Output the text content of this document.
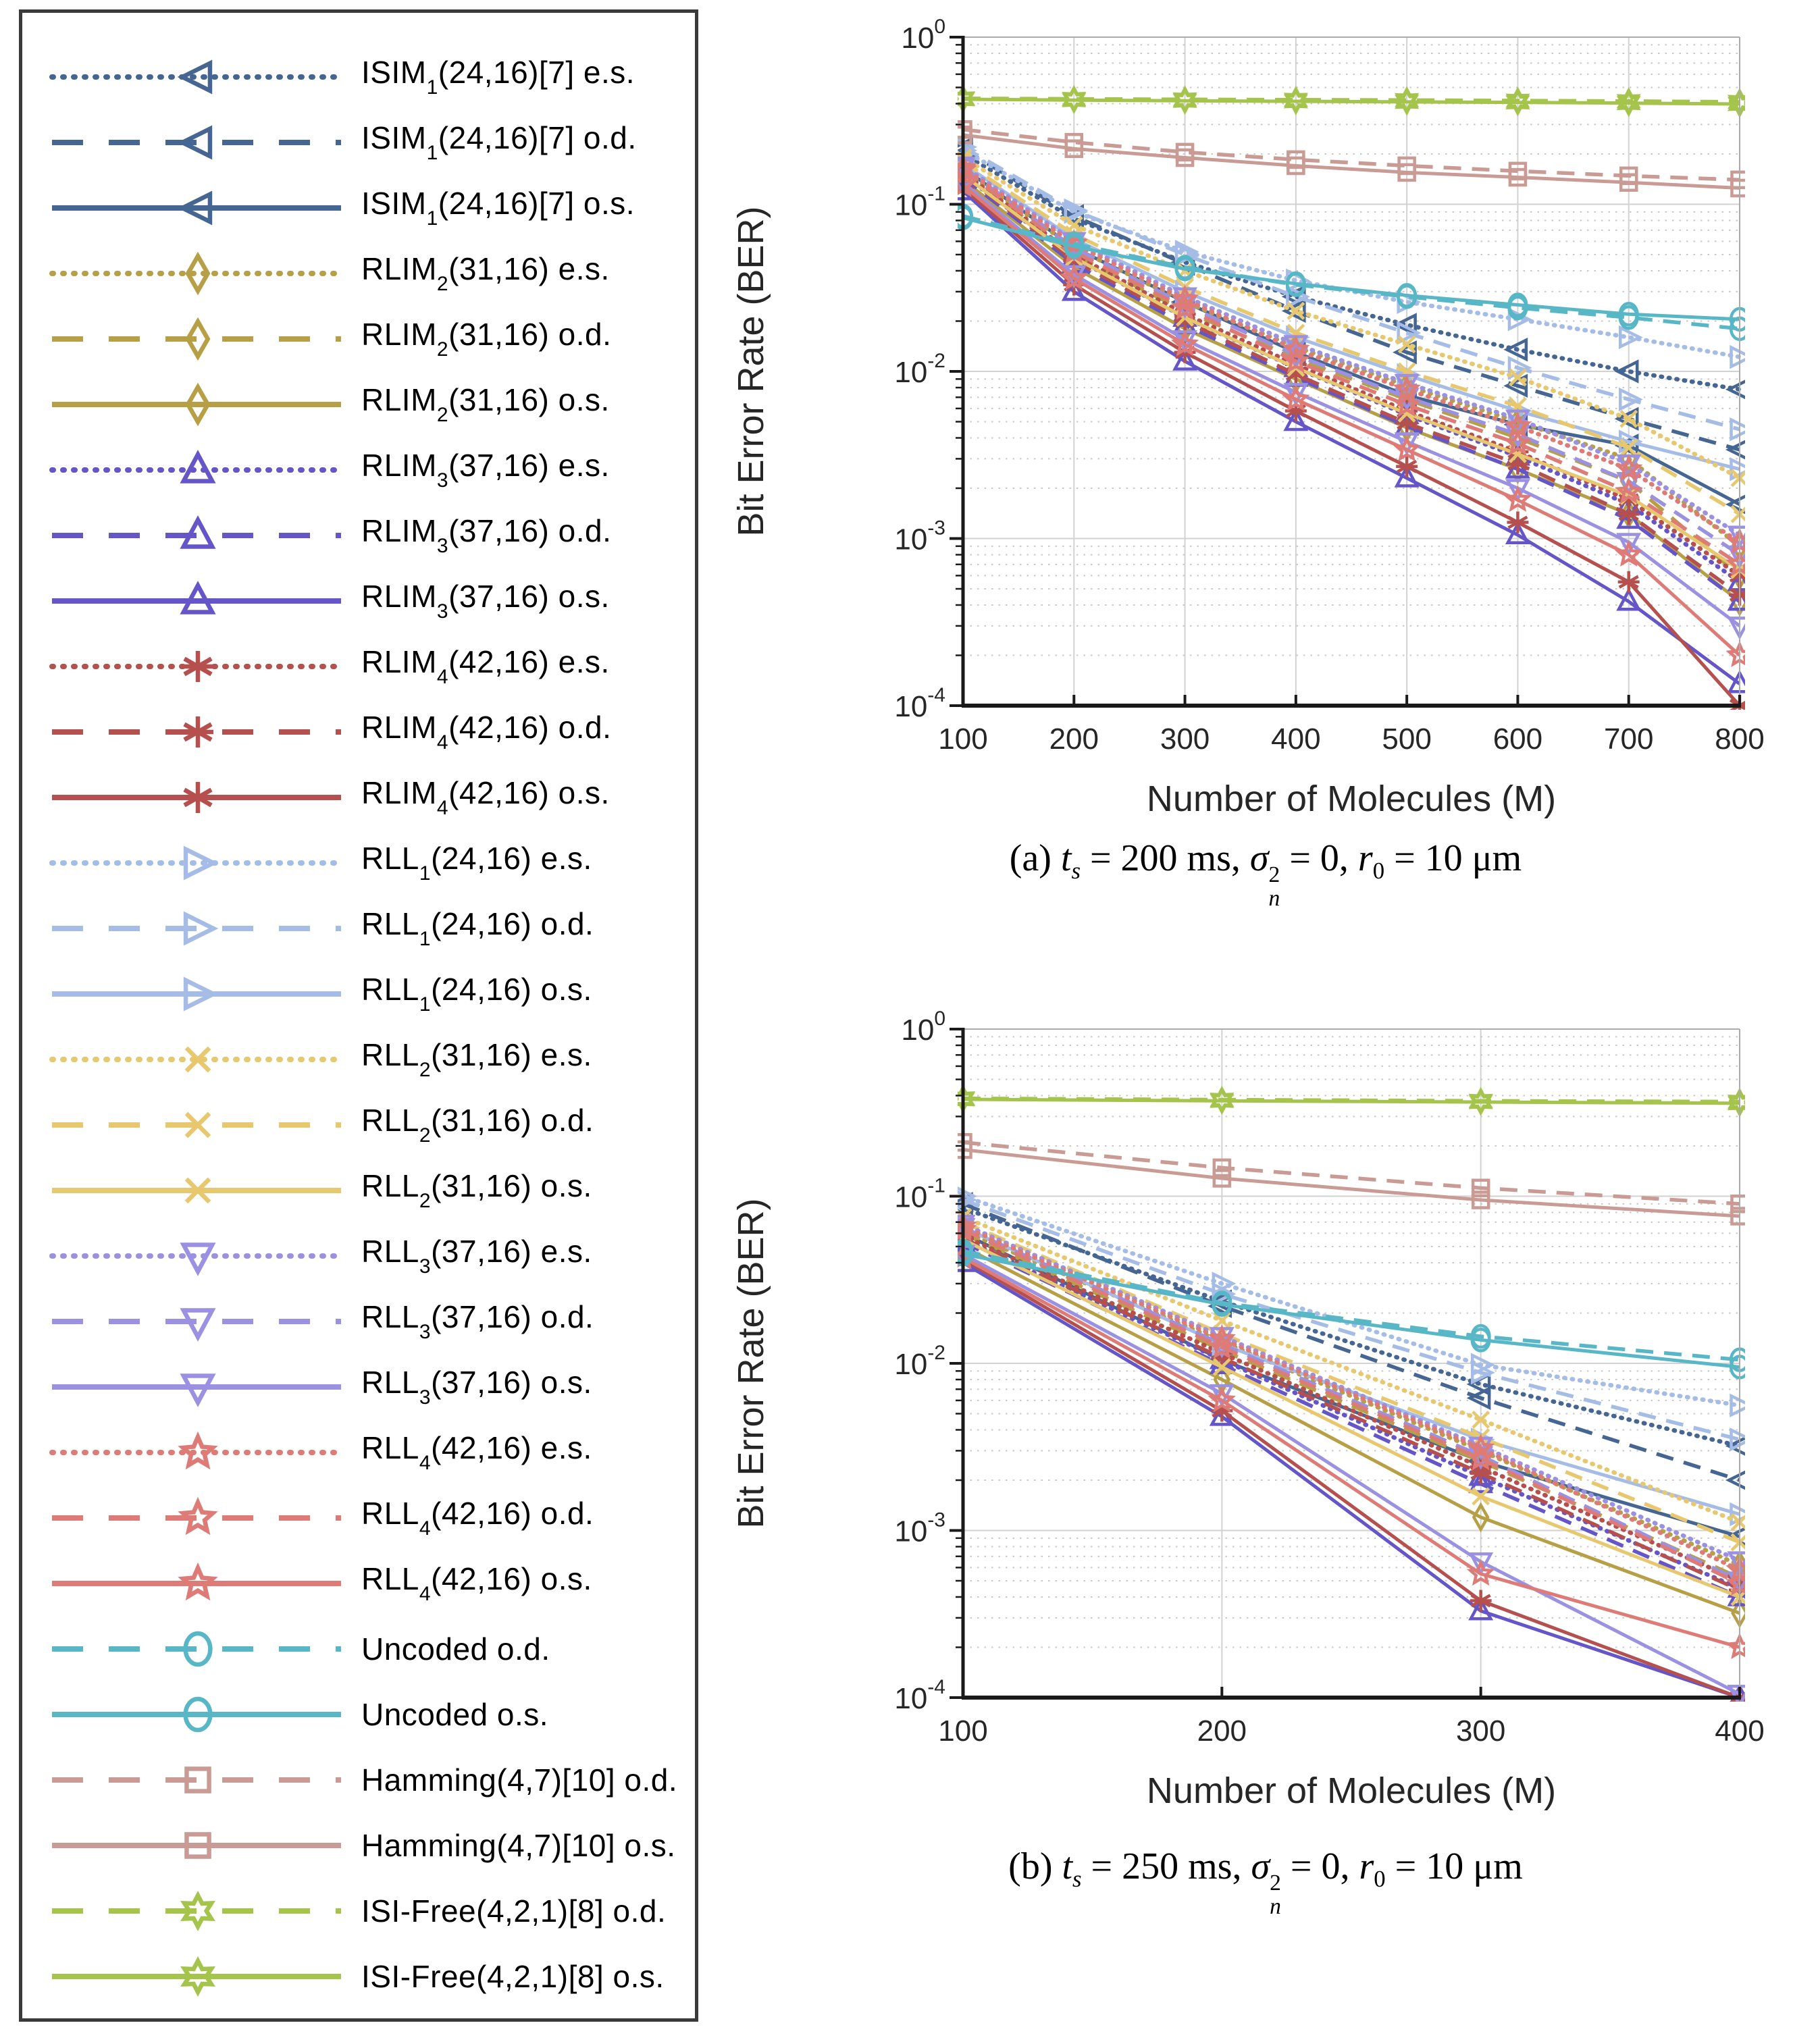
$ISIM_1(24,16)[7]$ e.s.
$ISIM_1(24,16)[7]$ o.d.
$ISIM_1(24,16)[7]$ o.s.
$RLIM_2(31,16)$ e.s.
$RLIM_2(31,16)$ o.d.
$RLIM_2(31,16)$ o.s.
$RLIM_3(37,16)$ e.s.
$RLIM_3(37,16)$ o.d.
$RLIM_3(37,16)$ o.s.
$RLIM_4(42,16)$ e.s.
$RLIM_4(42,16)$ o.d.
$RLIM_4(42,16)$ o.s.
$RLL_1(24,16)$ e.s.
$RLL_1(24,16)$ o.d.
$RLL_1(24,16)$ o.s.
$RLL_2(31,16)$ e.s.
$RLL_2(31,16)$ o.d.
$RLL_2(31,16)$ o.s.
$RLL_3(37,16)$ e.s.
$RLL_3(37,16)$ o.d.
$RLL_3(37,16)$ o.s.
$RLL_4(42,16)$ e.s.
$RLL_4(42,16)$ o.d.
$RLL_4(42,16)$ o.s.
Uncoded o.d.
Uncoded o.s.
Hamming(4,7)[10] o.d.
Hamming(4,7)[10] o.s.
ISI-Free(4,2,1)[8] o.d.
ISI-Free(4,2,1)[8] o.s.
100 200 300 400 500 600 700 800
$10^0$
$10^{-1}$
$10^{-2}$
$10^{-3}$
$10^{-4}$
Number of Molecules (M)
Bit Error Rate (BER)
(a) $t_s = 200$ ms, σ 2
n
= 0, $r_0 = 10$ μm
100	200	300	400
$10^0$
$10^{-1}$
$10^{-2}$
$10^{-3}$
$10^{-4}$
Number of Molecules (M)
Bit Error Rate (BER)
(b) $t_s = 250$ ms, σ 2
n
= 0, $r_0 = 10$ μm
